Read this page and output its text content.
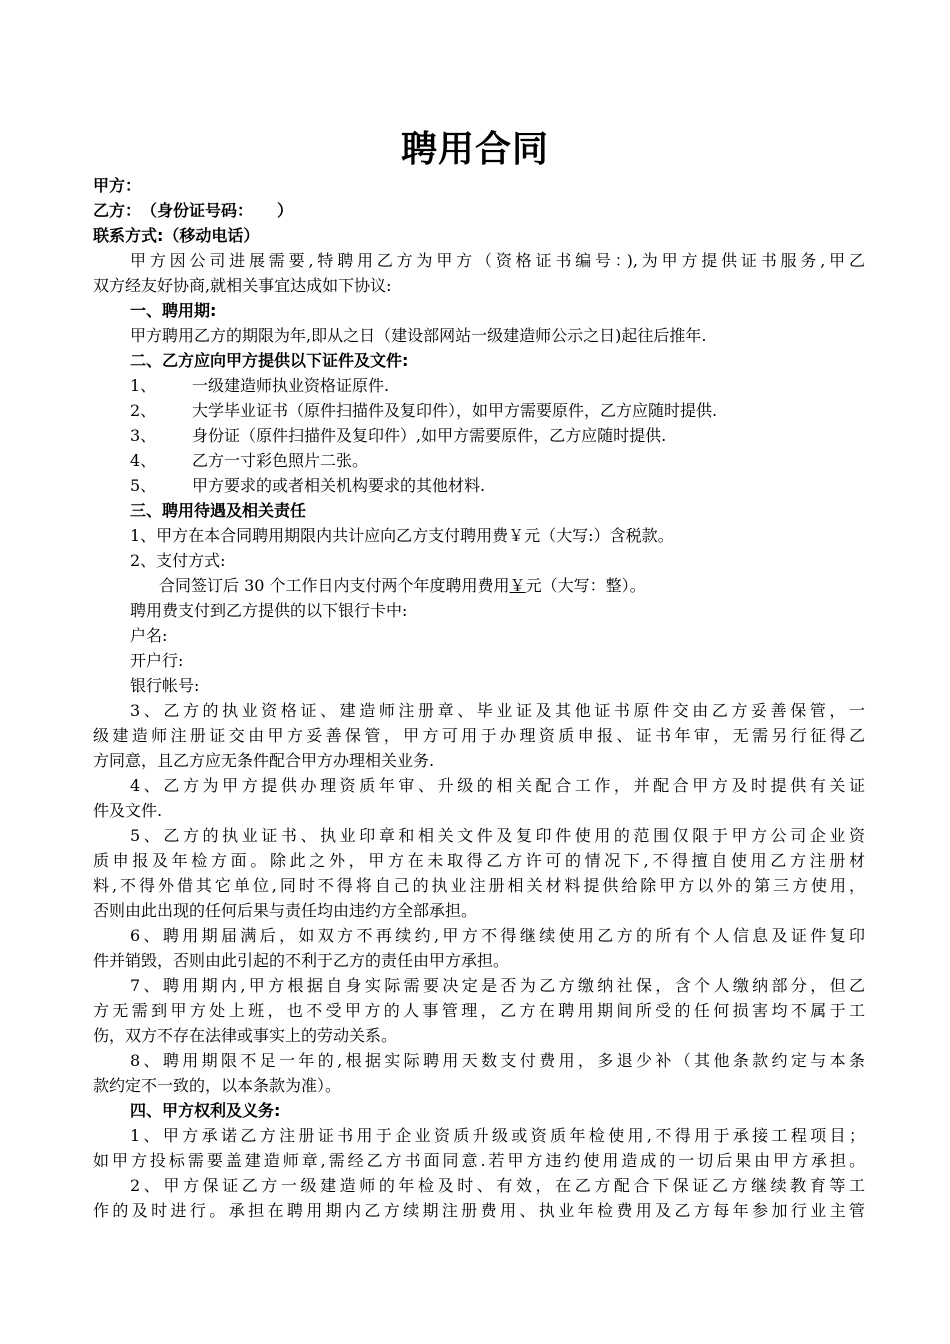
聘用合同
甲方：
乙方：　（身份证号码：　　）
联系方式:（移动电话）
甲方因公司进展需要,特聘用乙方为甲方（资格证书编号：),为甲方提供证书服务,甲乙
双方经友好协商,就相关事宜达成如下协议:
一、聘用期:
甲方聘用乙方的期限为年,即从之日（建设部网站一级建造师公示之日)起往后推年.
二、乙方应向甲方提供以下证件及文件:
1、	一级建造师执业资格证原件.
2、	大学毕业证书（原件扫描件及复印件），如甲方需要原件，乙方应随时提供.
3、	身份证（原件扫描件及复印件）,如甲方需要原件，乙方应随时提供.
4、	乙方一寸彩色照片二张。
5、	甲方要求的或者相关机构要求的其他材料.
三、聘用待遇及相关责任
1、甲方在本合同聘用期限内共计应向乙方支付聘用费￥元（大写:）含税款。
2、支付方式:
合同签订后 30 个工作日内支付两个年度聘用费用￥元（大写：整）。
聘用费支付到乙方提供的以下银行卡中:
户名:
开户行:
银行帐号:
3、乙方的执业资格证、建造师注册章、毕业证及其他证书原件交由乙方妥善保管，一
级建造师注册证交由甲方妥善保管，甲方可用于办理资质申报、证书年审，无需另行征得乙
方同意，且乙方应无条件配合甲方办理相关业务.
4、乙方为甲方提供办理资质年审、升级的相关配合工作，并配合甲方及时提供有关证
件及文件.
5、乙方的执业证书、执业印章和相关文件及复印件使用的范围仅限于甲方公司企业资
质申报及年检方面。除此之外，甲方在未取得乙方许可的情况下,不得擅自使用乙方注册材
料,不得外借其它单位,同时不得将自己的执业注册相关材料提供给除甲方以外的第三方使用，
否则由此出现的任何后果与责任均由违约方全部承担。
6、聘用期届满后，如双方不再续约,甲方不得继续使用乙方的所有个人信息及证件复印
件并销毁，否则由此引起的不利于乙方的责任由甲方承担。
7、聘用期内,甲方根据自身实际需要决定是否为乙方缴纳社保，含个人缴纳部分，但乙
方无需到甲方处上班，也不受甲方的人事管理，乙方在聘用期间所受的任何损害均不属于工
伤，双方不存在法律或事实上的劳动关系。
8、聘用期限不足一年的,根据实际聘用天数支付费用，多退少补（其他条款约定与本条
款约定不一致的，以本条款为准）。
四、甲方权利及义务:
1、甲方承诺乙方注册证书用于企业资质升级或资质年检使用,不得用于承接工程项目；
如甲方投标需要盖建造师章,需经乙方书面同意.若甲方违约使用造成的一切后果由甲方承担。
2、甲方保证乙方一级建造师的年检及时、有效，在乙方配合下保证乙方继续教育等工
作的及时进行。承担在聘用期内乙方续期注册费用、执业年检费用及乙方每年参加行业主管
